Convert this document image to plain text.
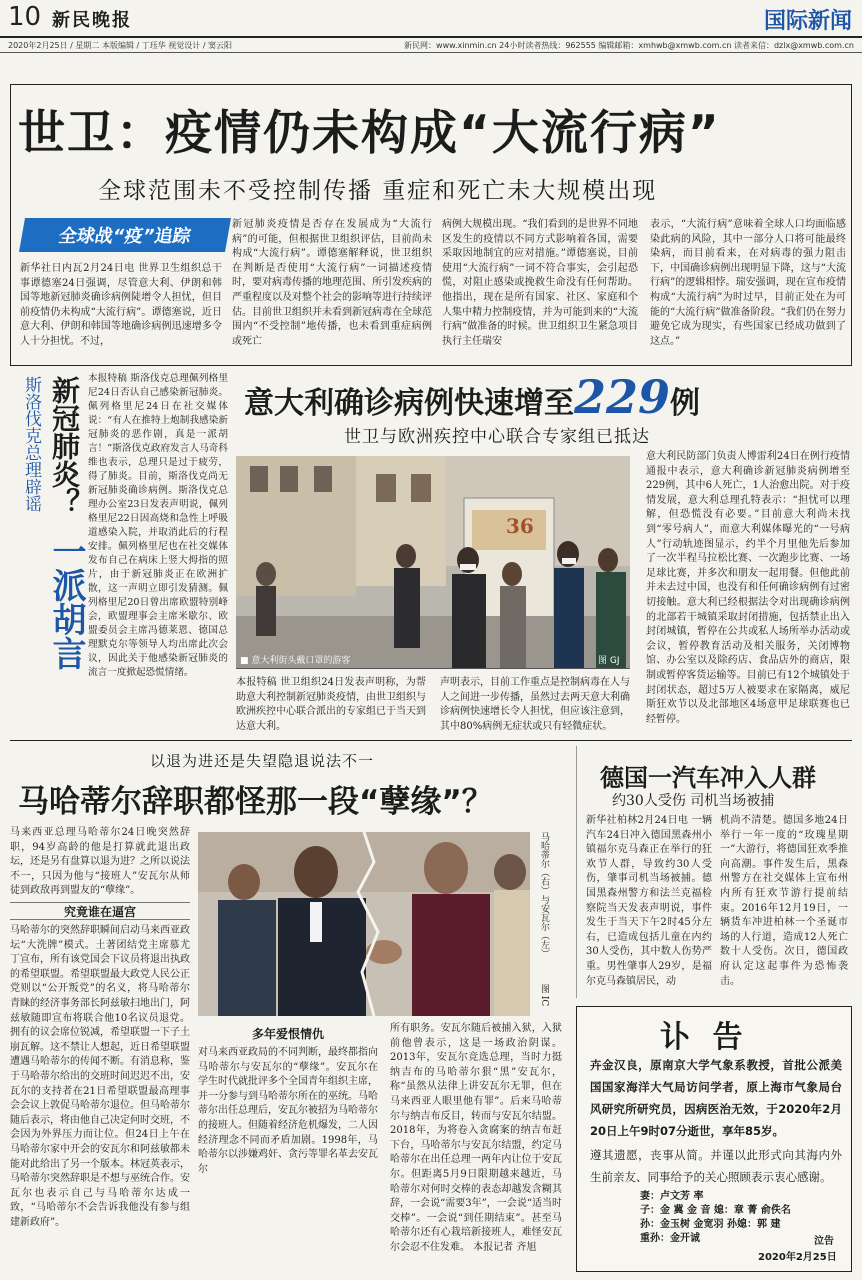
10 新民晚报	国际新闻
2020年2月25日 / 星期二 本版编辑 / 丁珏华 视觉设计 / 窦云阳	新民网：www.xinmin.cn 24小时读者热线：962555 编辑邮箱：xmhwb@xmwb.com.cn 读者来信：dzlx@xmwb.com.cn
世卫：疫情仍未构成“大流行病”
全球范围未不受控制传播 重症和死亡未大规模出现
全球战“疫”追踪
新华社日内瓦2月24日电 世界卫生组织总干事谭德塞24日强调，尽管意大利、伊朗和韩国等地新冠肺炎确诊病例陡增令人担忧，但目前疫情仍未构成“大流行病”。谭德塞说，近日意大利、伊朗和韩国等地确诊病例迅速增多令人十分担忧。不过，
新冠肺炎疫情是否存在发展成为“大流行病”的可能，但根据世卫组织评估，目前尚未构成“大流行病”。谭德塞解释说，世卫组织在判断是否使用“大流行病”一词描述疫情时，要对病毒传播的地理范围、所引发疾病的严重程度以及对整个社会的影响等进行持续评估。目前世卫组织并未看到新冠病毒在全球范围内“不受控制”地传播，也未看到重症病例或死亡
病例大规模出现。“我们看到的是世界不同地区发生的疫情以不同方式影响着各国，需要采取因地制宜的应对措施。”谭德塞说，目前使用“大流行病”一词不符合事实，会引起恐慌，对阻止感染或挽救生命没有任何帮助。他指出，现在是所有国家、社区、家庭和个人集中精力控制疫情，并为可能到来的“大流行病”做准备的时候。世卫组织卫生紧急项目执行主任瑞安
表示，“大流行病”意味着全球人口均面临感染此病的风险，其中一部分人口将可能最终染病，而目前看来，在对病毒的强力阻击下，中国确诊病例出现明显下降，这与“大流行病”的逻辑相悖。瑞安强调，现在宣布疫情构成“大流行病”为时过早，目前正处在为可能的“大流行病”做准备阶段。“我们仍在努力避免它成为现实，有些国家已经成功做到了这点。”
斯洛伐克总理辟谣 新冠肺炎？
一派胡言
本报特稿 斯洛伐克总理佩列格里尼24日否认自己感染新冠肺炎。佩列格里尼24日在社交媒体说：“有人在推特上炮制我感染新冠肺炎的恶作剧，真是一派胡言！”斯洛伐克政府发言人马奇科维也表示，总理只是过于疲劳，得了肺炎。目前，斯洛伐克尚无新冠肺炎确诊病例。斯洛伐克总理办公室23日发表声明说，佩列格里尼22日因高烧和急性上呼吸道感染入院，并取消此后的行程安排。佩列格里尼也在社交媒体发布自己在病床上竖大拇指的照片，由于新冠肺炎正在欧洲扩散，这一声明立即引发猜测。佩列格里尼20日曾出席欧盟特别峰会，欧盟理事会主席米歇尔、欧盟委员会主席冯德莱恩、德国总理默克尔等领导人均出席此次会议，因此关于他感染新冠肺炎的流言一度掀起恐慌情绪。
意大利确诊病例快速增至229例
世卫与欧洲疾控中心联合专家组已抵达
36
■ 意大利街头戴口罩的游客	图 GJ
意大利民防部门负责人博雷利24日在例行疫情通报中表示，意大利确诊新冠肺炎病例增至229例，其中6人死亡，1人治愈出院。对于疫情发展，意大利总理孔特表示：“担忧可以理解，但恐慌没有必要。”目前意大利尚未找到“零号病人”，而意大利媒体曝光的“一号病人”行动轨迹图显示，约半个月里他先后参加了一次半程马拉松比赛、一次跑步比赛、一场足球比赛，并多次和朋友一起用餐。但他此前并未去过中国，也没有和任何确诊病例有过密切接触。意大利已经根据法令对出现确诊病例的北部若干城镇采取封闭措施，包括禁止出入封闭城镇，暂停在公共或私人场所举办活动或会议，暂停教育活动及相关服务，关闭博物馆、办公室以及除药店、食品店外的商店，限制或暂停客货运输等。目前已有12个城镇处于封闭状态，超过5万人被要求在家隔离，威尼斯狂欢节以及北部地区4场意甲足球联赛也已经暂停。
本报特稿 世卫组织24日发表声明称，为帮助意大利控制新冠肺炎疫情，由世卫组织与欧洲疾控中心联合派出的专家组已于当天到达意大利。
声明表示，目前工作重点是控制病毒在人与人之间进一步传播，虽然过去两天意大利确诊病例快速增长令人担忧，但应该注意到，其中80%病例无症状或只有轻微症状。
以退为进还是失望隐退说法不一
马哈蒂尔辞职都怪那一段“孽缘”？
马来西亚总理马哈蒂尔24日晚突然辞职，94岁高龄的他是打算就此退出政坛，还是另有盘算以退为进？之所以说法不一，只因为他与“接班人”安瓦尔从师徒到政敌再到盟友的“孽缘”。
究竟谁在逼宫
马哈蒂尔的突然辞职瞬间启动马来西亚政坛“大洗牌”模式。土著团结党主席慕尤丁宣布，所有该党国会下议员将退出执政的希望联盟。希望联盟最大政党人民公正党则以“公开叛党”的名义，将马哈蒂尔青睐的经济事务部长阿兹敏扫地出门，阿兹敏随即宣布将联合他10名议员退党。拥有的议会席位锐减，希望联盟一下子土崩瓦解。这不禁让人想起，近日希望联盟遭遇马哈蒂尔的传闻不断。有消息称，鉴于马哈蒂尔给出的交班时间迟迟不出，安瓦尔的支持者在21日希望联盟最高理事会会议上敦促马哈蒂尔退位。但马哈蒂尔随后表示，将由他自己决定何时交班，不会因为外界压力而让位。但24日上午在马哈蒂尔家中开会的安瓦尔和阿兹敏都未能对此给出了另一个版本。林冠英表示，马哈蒂尔突然辞职是不想与巫统合作。安瓦尔也表示自己与马哈蒂尔达成一致，“马哈蒂尔不会告诉我他没有参与组建新政府”。
马哈蒂尔（右）与安瓦尔（左）
图 IC
多年爱恨情仇
对马来西亚政局的不同判断，最终都指向马哈蒂尔与安瓦尔的“孽缘”。安瓦尔在学生时代就批评多个全国青年组织主席，并一分参与到马哈蒂尔所在的巫统。马哈蒂尔出任总理后，安瓦尔被招为马哈蒂尔的接班人。但随着经济危机爆发，二人因经济理念不同而矛盾加剧。1998年，马哈蒂尔以涉嫌鸡奸、贪污等罪名革去安瓦尔
所有职务。安瓦尔随后被捕入狱，入狱前他曾表示，这是一场政治阴谋。2013年，安瓦尔竞选总理，当时力挺纳吉布的马哈蒂尔狠“黑”安瓦尔，称“虽然从法律上讲安瓦尔无罪，但在马来西亚人眼里他有罪”。后来马哈蒂尔与纳吉布反目，转而与安瓦尔结盟。2018年，为将卷入贪腐案的纳吉布赶下台，马哈蒂尔与安瓦尔结盟，约定马哈蒂尔在出任总理一两年内让位于安瓦尔。但距离5月9日限期越来越近，马哈蒂尔对何时交棒的表态却越发含糊其辞，一会说“需要3年”，一会说“适当时交棒”。一会说“到任期结束”。甚至马哈蒂尔还有心栽培新接班人，难怪安瓦尔会忍不住发难。 本报记者 齐旭
德国一汽车冲入人群
约30人受伤 司机当场被捕
新华社柏林2月24日电 一辆汽车24日冲入德国黑森州小镇福尔克马森正在举行的狂欢节人群，导致约30人受伤，肇事司机当场被捕。德国黑森州警方和法兰克福检察院当天发表声明说，事件发生于当天下午2时45分左右，已造成包括儿童在内约30人受伤，其中数人伤势严重。男性肇事人29岁，是福尔克马森镇居民，动
机尚不清楚。德国多地24日举行一年一度的“玫瑰星期一”大游行，将德国狂欢季推向高潮。事件发生后，黑森州警方在社交媒体上宣布州内所有狂欢节游行提前结束。2016年12月19日，一辆货车冲进柏林一个圣诞市场的人行道，造成12人死亡数十人受伤。次日，德国政府认定这起事件为恐怖袭击。
讣 告
卉金汉良，原南京大学气象系教授，首批公派美国国家海洋大气局访问学者，原上海市气象局台风研究所研究员，因病医治无效，于2020年2月20日上午9时07分逝世，享年85岁。
遵其遗愿，丧事从简。并谨以此形式向其海内外生前亲友、同事给予的关心照顾表示衷心感谢。
妻：卢文芳 率
子：金 冀 金 音 媳：章 菁 俞佚名
孙：金玉树 金宽羽 孙媳：郭 建
重孙：金开诚	泣告
2020年2月25日
